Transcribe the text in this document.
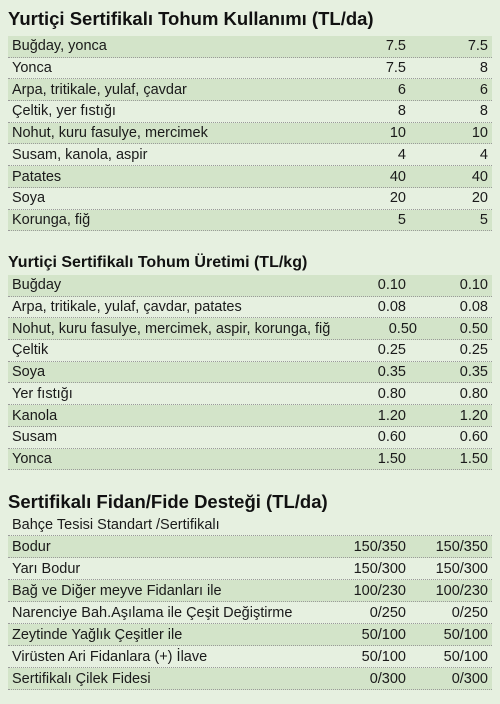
Yurtiçi Sertifikalı Tohum Kullanımı (TL/da)
Buğday, yonca	7.5	7.5
Yonca	7.5	8
Arpa, tritikale, yulaf, çavdar	6	6
Çeltik, yer fıstığı	8	8
Nohut, kuru fasulye, mercimek	10	10
Susam, kanola, aspir	4	4
Patates	40	40
Soya	20	20
Korunga, fiğ	5	5
Yurtiçi Sertifikalı Tohum Üretimi (TL/kg)
Buğday	0.10	0.10
Arpa, tritikale, yulaf, çavdar, patates	0.08	0.08
Nohut, kuru fasulye, mercimek, aspir, korunga, fiğ	0.50	0.50
Çeltik	0.25	0.25
Soya	0.35	0.35
Yer fıstığı	0.80	0.80
Kanola	1.20	1.20
Susam	0.60	0.60
Yonca	1.50	1.50
Sertifikalı Fidan/Fide Desteği (TL/da)
Bahçe Tesisi Standart /Sertifikalı
Bodur	150/350	150/350
Yarı Bodur	150/300	150/300
Bağ ve Diğer meyve Fidanları ile	100/230	100/230
Narenciye Bah.Aşılama ile Çeşit Değiştirme	0/250	0/250
Zeytinde Yağlık Çeşitler ile	50/100	50/100
Virüsten Ari Fidanlara (+) İlave	50/100	50/100
Sertifikalı Çilek Fidesi	0/300	0/300
